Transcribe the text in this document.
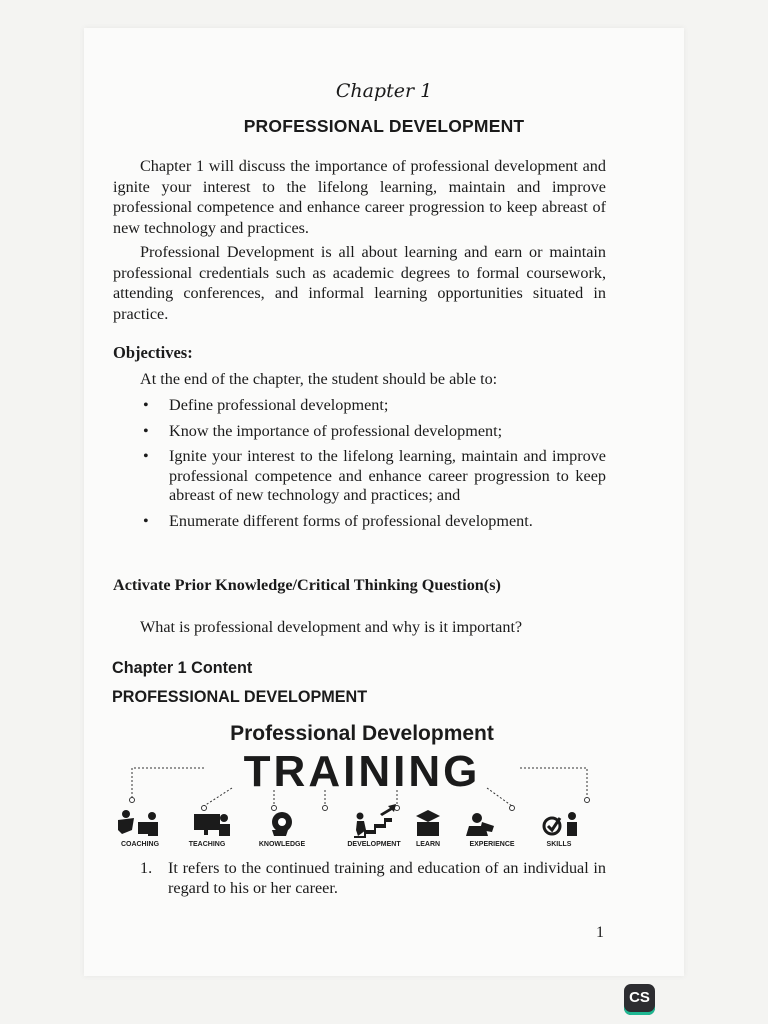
Chapter 1
PROFESSIONAL DEVELOPMENT

Chapter 1 will discuss the importance of professional development and ignite your interest to the lifelong learning, maintain and improve professional competence and enhance career progression to keep abreast of new technology and practices.

Professional Development is all about learning and earn or maintain professional credentials such as academic degrees to formal coursework, attending conferences, and informal learning opportunities situated in practice.

Objectives:
At the end of the chapter, the student should be able to:
• Define professional development;
• Know the importance of professional development;
• Ignite your interest to the lifelong learning, maintain and improve professional competence and enhance career progression to keep abreast of new technology and practices; and
• Enumerate different forms of professional development.
Activate Prior Knowledge/Critical Thinking Question(s)
What is professional development and why is it important?
Chapter 1 Content
PROFESSIONAL DEVELOPMENT
Professional Development
TRAINING
COACHING	TEACHING	KNOWLEDGE	DEVELOPMENT LEARN	EXPERIENCE	SKILLS
1. It refers to the continued training and education of an individual in regard to his or her career.
1
CS
